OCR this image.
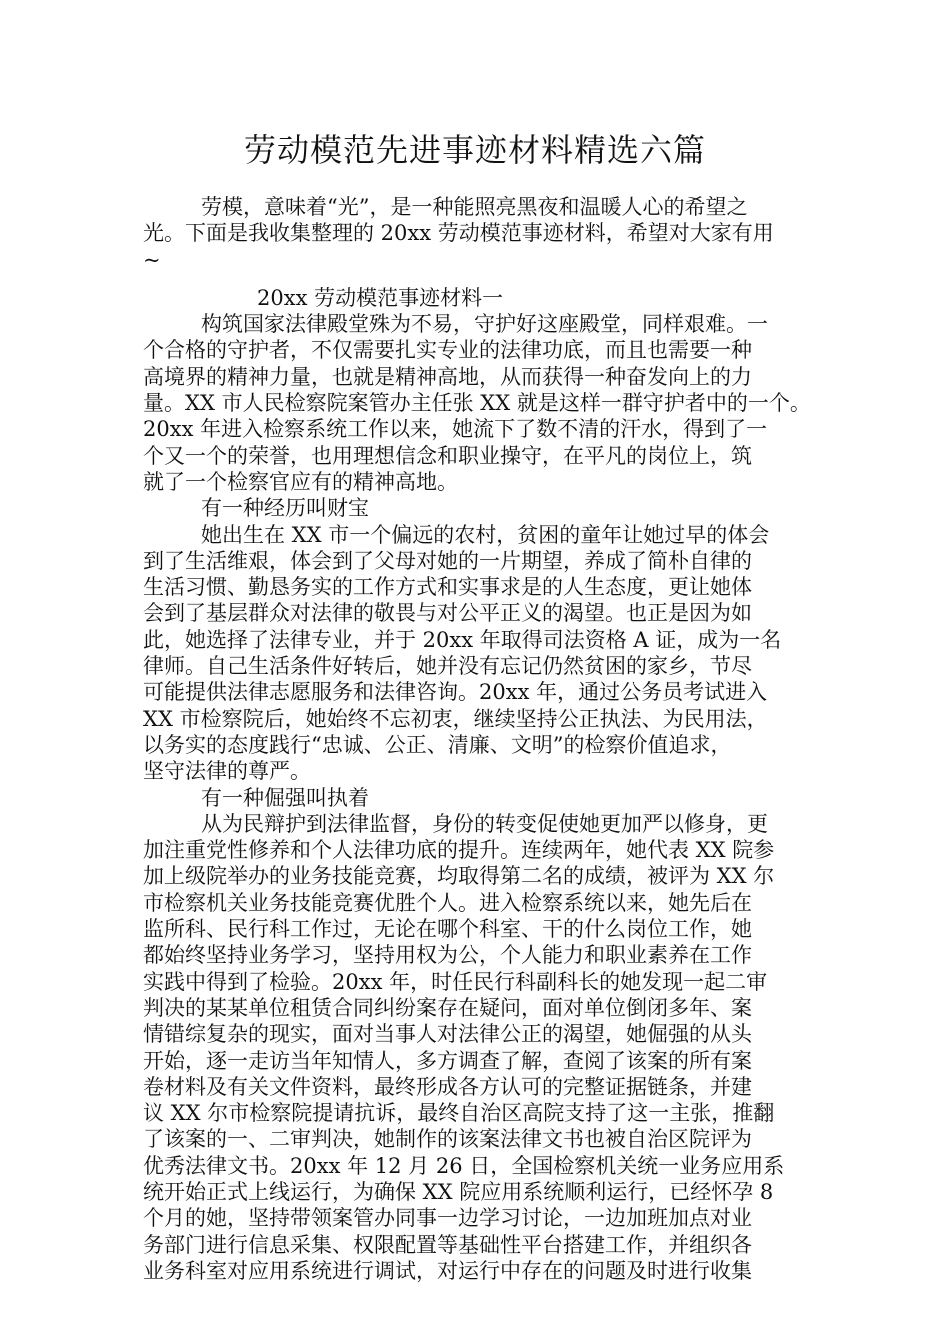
劳动模范先进事迹材料精选六篇
劳模，意味着“光”，是一种能照亮黑夜和温暖人心的希望之
光。下面是我收集整理的 20xx 劳动模范事迹材料，希望对大家有用
~
20xx 劳动模范事迹材料一
构筑国家法律殿堂殊为不易，守护好这座殿堂，同样艰难。一
个合格的守护者，不仅需要扎实专业的法律功底，而且也需要一种
高境界的精神力量，也就是精神高地，从而获得一种奋发向上的力
量。XX 市人民检察院案管办主任张 XX 就是这样一群守护者中的一个。
20xx 年进入检察系统工作以来，她流下了数不清的汗水，得到了一
个又一个的荣誉，也用理想信念和职业操守，在平凡的岗位上，筑
就了一个检察官应有的精神高地。
有一种经历叫财宝
她出生在 XX 市一个偏远的农村，贫困的童年让她过早的体会
到了生活维艰，体会到了父母对她的一片期望，养成了简朴自律的
生活习惯、勤恳务实的工作方式和实事求是的人生态度，更让她体
会到了基层群众对法律的敬畏与对公平正义的渴望。也正是因为如
此，她选择了法律专业，并于 20xx 年取得司法资格 A 证，成为一名
律师。自己生活条件好转后，她并没有忘记仍然贫困的家乡，节尽
可能提供法律志愿服务和法律咨询。20xx 年，通过公务员考试进入
XX 市检察院后，她始终不忘初衷，继续坚持公正执法、为民用法，
以务实的态度践行“忠诚、公正、清廉、文明”的检察价值追求，
坚守法律的尊严。
有一种倔强叫执着
从为民辩护到法律监督，身份的转变促使她更加严以修身，更
加注重党性修养和个人法律功底的提升。连续两年，她代表 XX 院参
加上级院举办的业务技能竞赛，均取得第二名的成绩，被评为 XX 尔
市检察机关业务技能竞赛优胜个人。进入检察系统以来，她先后在
监所科、民行科工作过，无论在哪个科室、干的什么岗位工作，她
都始终坚持业务学习，坚持用权为公，个人能力和职业素养在工作
实践中得到了检验。20xx 年，时任民行科副科长的她发现一起二审
判决的某某单位租赁合同纠纷案存在疑问，面对单位倒闭多年、案
情错综复杂的现实，面对当事人对法律公正的渴望，她倔强的从头
开始，逐一走访当年知情人，多方调查了解，查阅了该案的所有案
卷材料及有关文件资料，最终形成各方认可的完整证据链条，并建
议 XX 尔市检察院提请抗诉，最终自治区高院支持了这一主张，推翻
了该案的一、二审判决，她制作的该案法律文书也被自治区院评为
优秀法律文书。20xx 年 12 月 26 日，全国检察机关统一业务应用系
统开始正式上线运行，为确保 XX 院应用系统顺利运行，已经怀孕 8
个月的她，坚持带领案管办同事一边学习讨论，一边加班加点对业
务部门进行信息采集、权限配置等基础性平台搭建工作，并组织各
业务科室对应用系统进行调试，对运行中存在的问题及时进行收集
